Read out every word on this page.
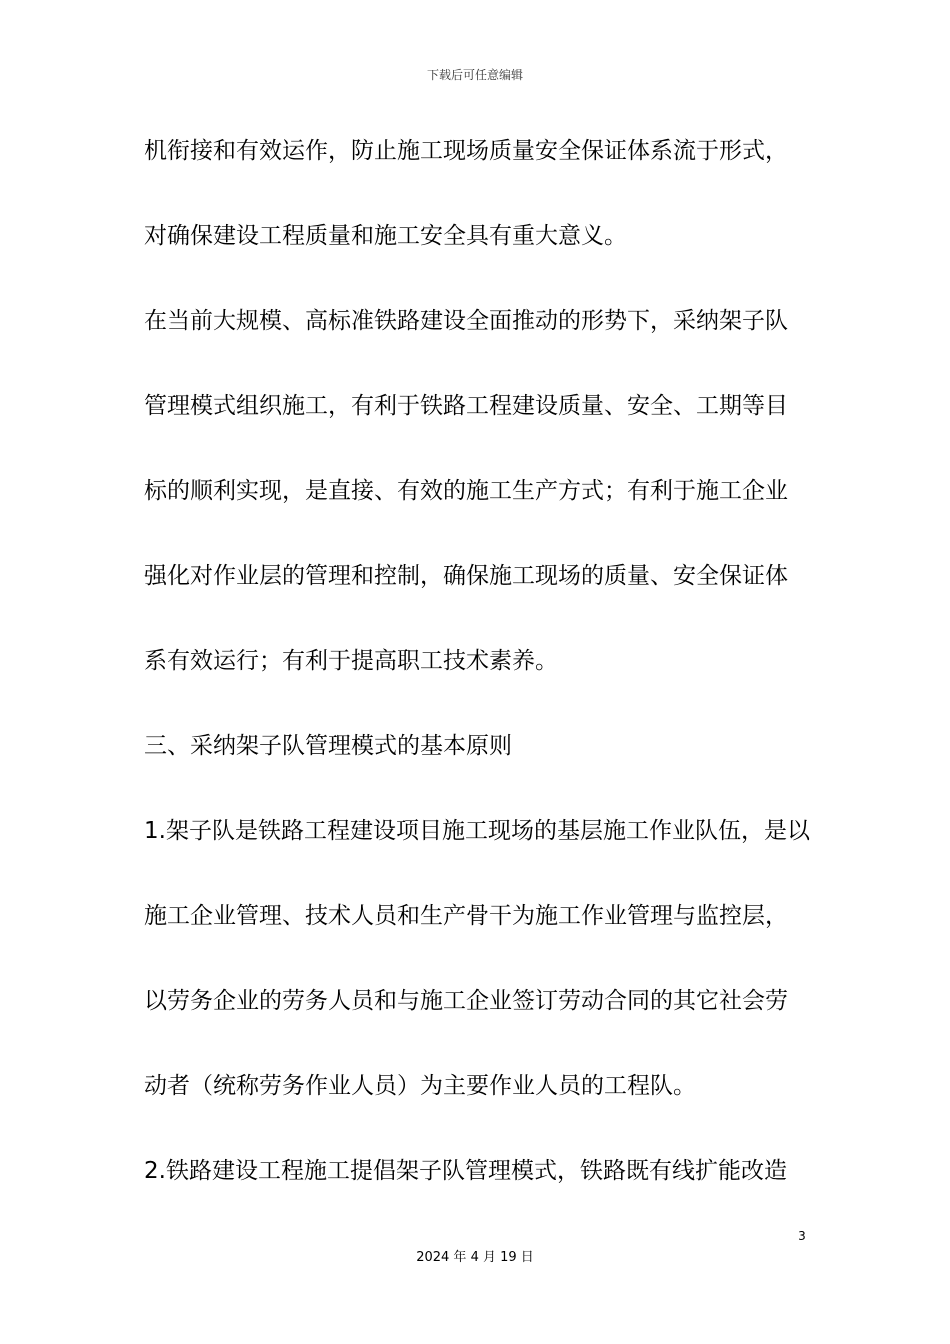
下载后可任意编辑
机衔接和有效运作，防止施工现场质量安全保证体系流于形式，
对确保建设工程质量和施工安全具有重大意义。
在当前大规模、高标准铁路建设全面推动的形势下，采纳架子队
管理模式组织施工，有利于铁路工程建设质量、安全、工期等目
标的顺利实现，是直接、有效的施工生产方式；有利于施工企业
强化对作业层的管理和控制，确保施工现场的质量、安全保证体
系有效运行；有利于提高职工技术素养。
三、采纳架子队管理模式的基本原则
1.架子队是铁路工程建设项目施工现场的基层施工作业队伍，是以
施工企业管理、技术人员和生产骨干为施工作业管理与监控层，
以劳务企业的劳务人员和与施工企业签订劳动合同的其它社会劳
动者（统称劳务作业人员）为主要作业人员的工程队。
2.铁路建设工程施工提倡架子队管理模式，铁路既有线扩能改造
3
2024 年 4 月 19 日
